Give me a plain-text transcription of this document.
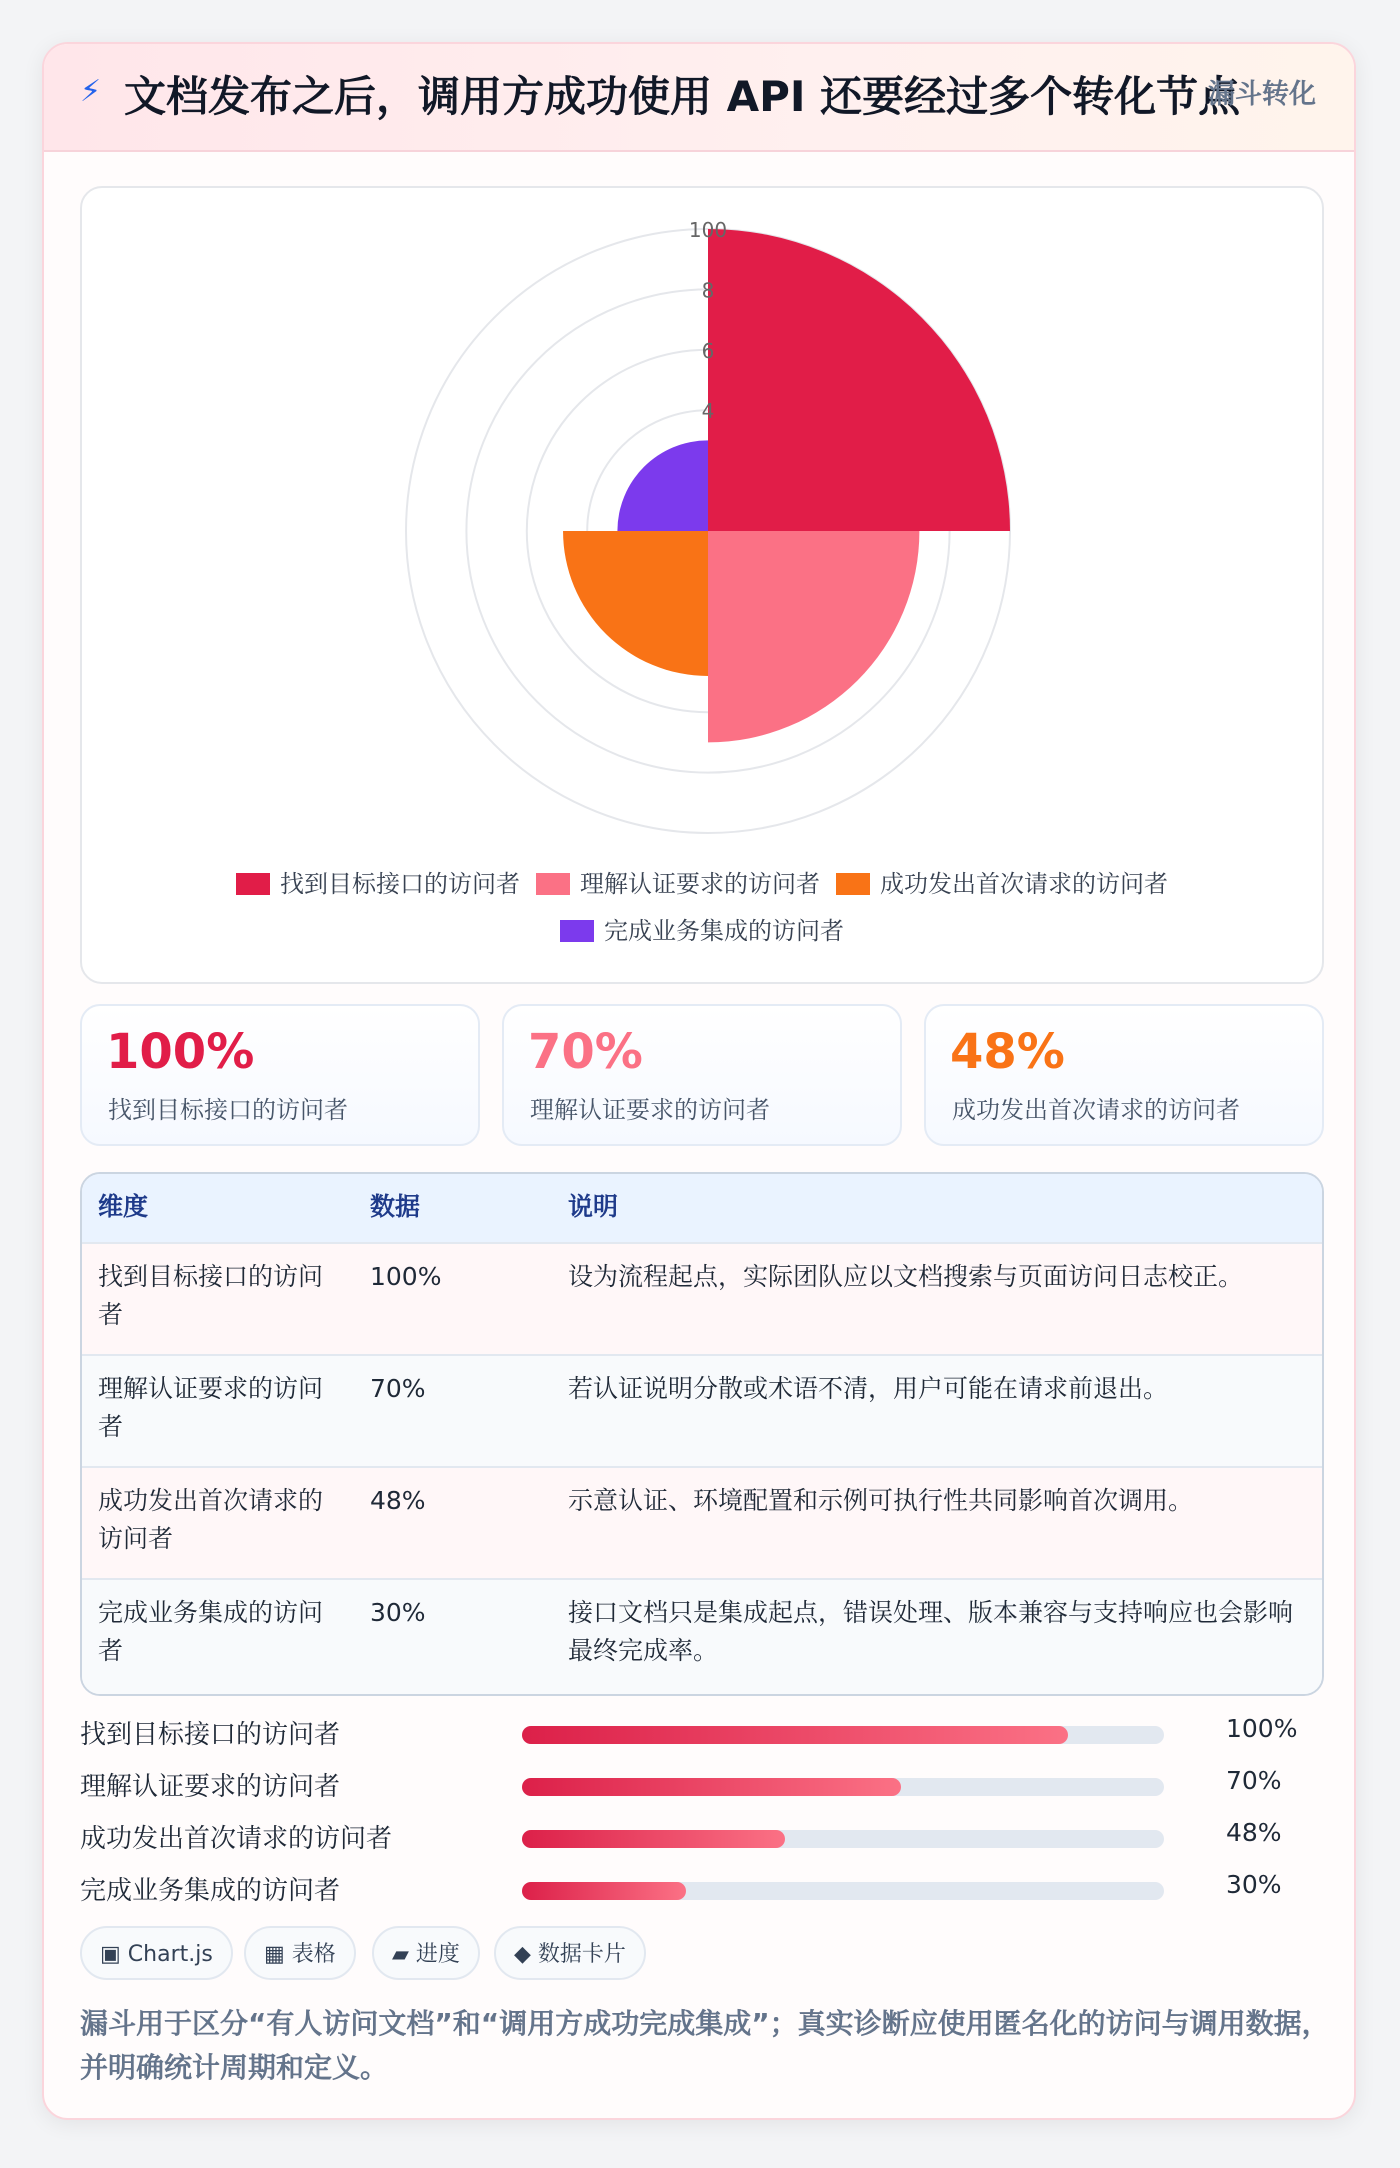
⚡ 文档发布之后，调用方成功使用 API 还要经过多个转化节点
漏斗转化
100
8
6
4
找到目标接口的访问者	理解认证要求的访问者	成功发出首次请求的访问者
完成业务集成的访问者
100%
找到目标接口的访问者
70%
理解认证要求的访问者
48%
成功发出首次请求的访问者
维度	数据	说明
找到目标接口的访问者
100%	设为流程起点，实际团队应以文档搜索与页面访问日志校正。
理解认证要求的访问者
70%	若认证说明分散或术语不清，用户可能在请求前退出。
成功发出首次请求的访问者
48%	示意认证、环境配置和示例可执行性共同影响首次调用。
完成业务集成的访问者
30%	接口文档只是集成起点，错误处理、版本兼容与支持响应也会影响最终完成率。
找到目标接口的访问者	100%
理解认证要求的访问者	70%
成功发出首次请求的访问者	48%
完成业务集成的访问者	30%
▣ Chart.js	▦ 表格	▰ 进度	◆ 数据卡片
漏斗用于区分“有人访问文档”和“调用方成功完成集成”；真实诊断应使用匿名化的访问与调用数据，并明确统计周期和定义。
